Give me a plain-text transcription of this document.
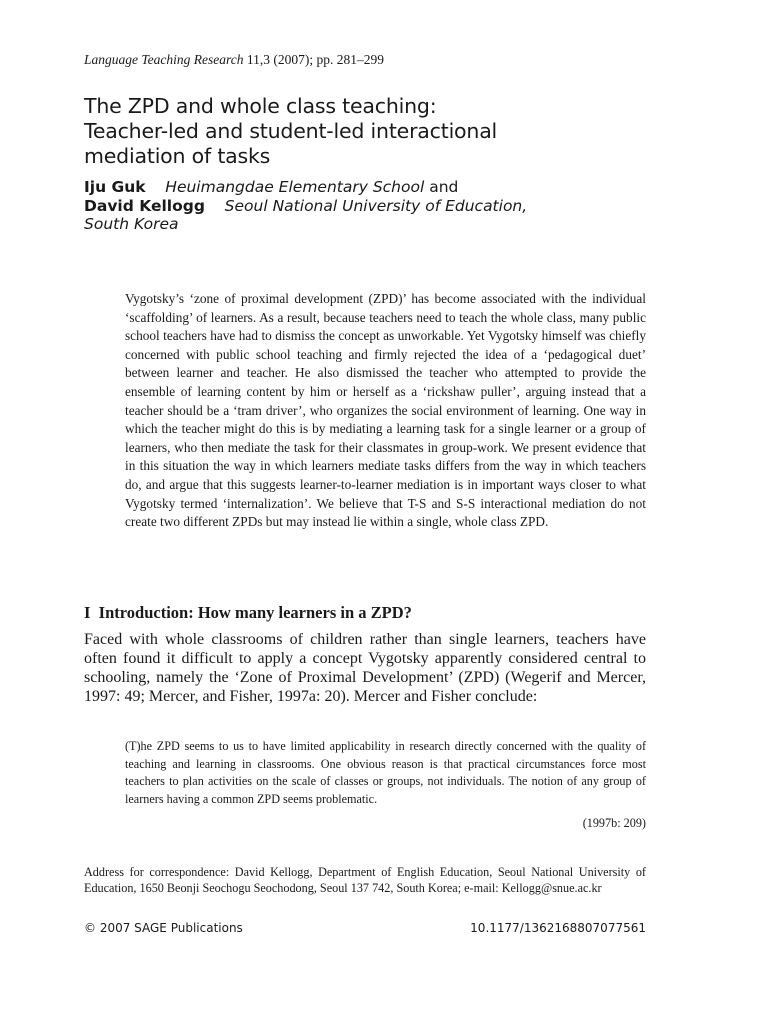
Language Teaching Research 11,3 (2007); pp. 281–299
The ZPD and whole class teaching:
Teacher-led and student-led interactional
mediation of tasks
Iju Guk Heuimangdae Elementary School and
David Kellogg Seoul National University of Education,
South Korea

Vygotsky’s ‘zone of proximal development (ZPD)’ has become associated with the individual ‘scaffolding’ of learners. As a result, because teachers need to teach the whole class, many public school teachers have had to dismiss the concept as unworkable. Yet Vygotsky himself was chiefly concerned with public school teaching and firmly rejected the idea of a ‘pedagogical duet’ between learner and teacher. He also dismissed the teacher who attempted to provide the ensemble of learning content by him or herself as a ‘rickshaw puller’, arguing instead that a teacher should be a ‘tram driver’, who organizes the social environment of learning. One way in which the teacher might do this is by mediating a learning task for a single learner or a group of learners, who then mediate the task for their classmates in group-work. We present evidence that in this situation the way in which learners mediate tasks differs from the way in which teachers do, and argue that this suggests learner-to-learner mediation is in important ways closer to what Vygotsky termed ‘internalization’. We believe that T-S and S-S interactional mediation do not create two different ZPDs but may instead lie within a single, whole class ZPD.

I Introduction: How many learners in a ZPD?

Faced with whole classrooms of children rather than single learners, teachers have often found it difficult to apply a concept Vygotsky apparently considered central to schooling, namely the ‘Zone of Proximal Development’ (ZPD) (Wegerif and Mercer, 1997: 49; Mercer, and Fisher, 1997a: 20). Mercer and Fisher conclude:

(T)he ZPD seems to us to have limited applicability in research directly concerned with the quality of teaching and learning in classrooms. One obvious reason is that practical circumstances force most teachers to plan activities on the scale of classes or groups, not individuals. The notion of any group of learners having a common ZPD seems problematic.

(1997b: 209)

Address for correspondence: David Kellogg, Department of English Education, Seoul National University of Education, 1650 Beonji Seochogu Seochodong, Seoul 137 742, South Korea; e-mail: Kellogg@snue.ac.kr

© 2007 SAGE Publications	10.1177/1362168807077561
